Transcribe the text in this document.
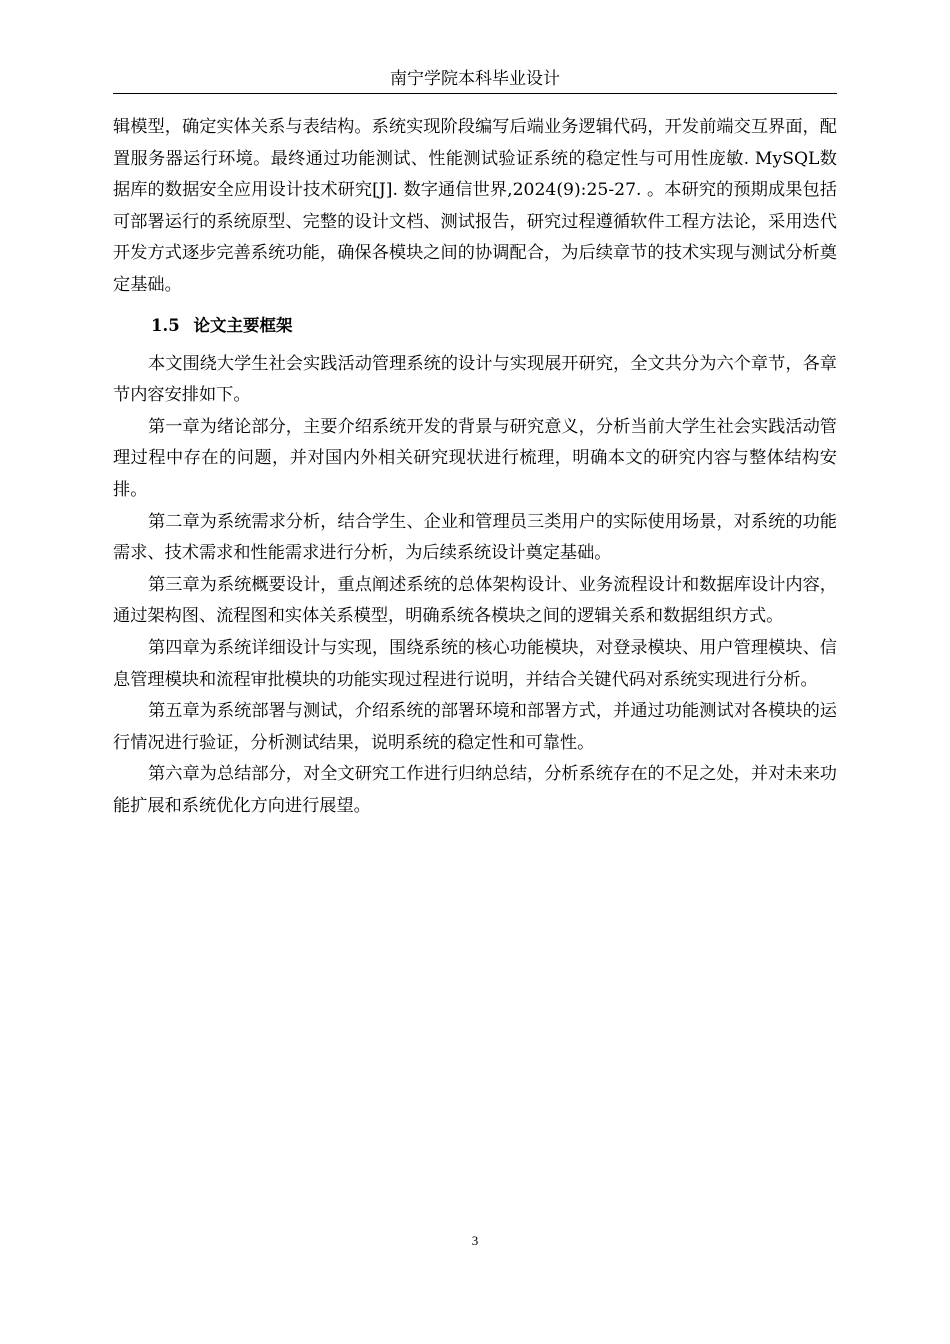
南宁学院本科毕业设计

辑模型，确定实体关系与表结构。系统实现阶段编写后端业务逻辑代码，开发前端交互界面，配置服务器运行环境。最终通过功能测试、性能测试验证系统的稳定性与可用性庞敏. MySQL数据库的数据安全应用设计技术研究[J]. 数字通信世界,2024(9):25-27. 。本研究的预期成果包括可部署运行的系统原型、完整的设计文档、测试报告，研究过程遵循软件工程方法论，采用迭代开发方式逐步完善系统功能，确保各模块之间的协调配合，为后续章节的技术实现与测试分析奠定基础。

1.5 论文主要框架

本文围绕大学生社会实践活动管理系统的设计与实现展开研究，全文共分为六个章节，各章节内容安排如下。

第一章为绪论部分，主要介绍系统开发的背景与研究意义，分析当前大学生社会实践活动管理过程中存在的问题，并对国内外相关研究现状进行梳理，明确本文的研究内容与整体结构安排。

第二章为系统需求分析，结合学生、企业和管理员三类用户的实际使用场景，对系统的功能需求、技术需求和性能需求进行分析，为后续系统设计奠定基础。

第三章为系统概要设计，重点阐述系统的总体架构设计、业务流程设计和数据库设计内容，通过架构图、流程图和实体关系模型，明确系统各模块之间的逻辑关系和数据组织方式。

第四章为系统详细设计与实现，围绕系统的核心功能模块，对登录模块、用户管理模块、信息管理模块和流程审批模块的功能实现过程进行说明，并结合关键代码对系统实现进行分析。

第五章为系统部署与测试，介绍系统的部署环境和部署方式，并通过功能测试对各模块的运行情况进行验证，分析测试结果，说明系统的稳定性和可靠性。

第六章为总结部分，对全文研究工作进行归纳总结，分析系统存在的不足之处，并对未来功能扩展和系统优化方向进行展望。

3
